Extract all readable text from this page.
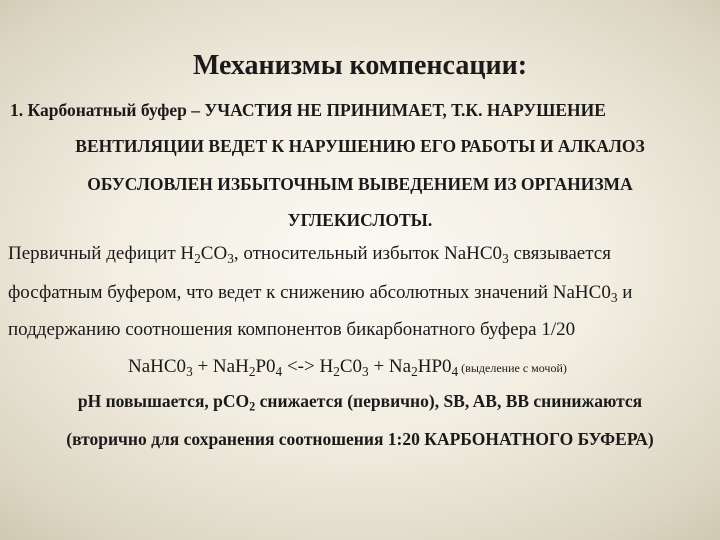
Механизмы компенсации:
1. Карбонатный буфер – УЧАСТИЯ НЕ ПРИНИМАЕТ, Т.К. НАРУШЕНИЕ
ВЕНТИЛЯЦИИ ВЕДЕТ К НАРУШЕНИЮ ЕГО РАБОТЫ И АЛКАЛОЗ
ОБУСЛОВЛЕН ИЗБЫТОЧНЫМ ВЫВЕДЕНИЕМ ИЗ ОРГАНИЗМА
УГЛЕКИСЛОТЫ.
Первичный дефицит $H_2CO_3$, относительный избыток $NaHC0_3$ связывается
фосфатным буфером, что ведет к снижению абсолютных значений $NaHC0_3$ и
поддержанию соотношения компонентов бикарбонатного буфера 1/20
$NaHC0_3 + NaH_2P0_4$ <-> $H_2C0_3 + Na_2HP0_4$ (выделение с мочой)
pH повышается, pCO$_2$ снижается (первично), SB, AB, BB снинижаются
(вторично для сохранения соотношения 1:20 КАРБОНАТНОГО БУФЕРА)
